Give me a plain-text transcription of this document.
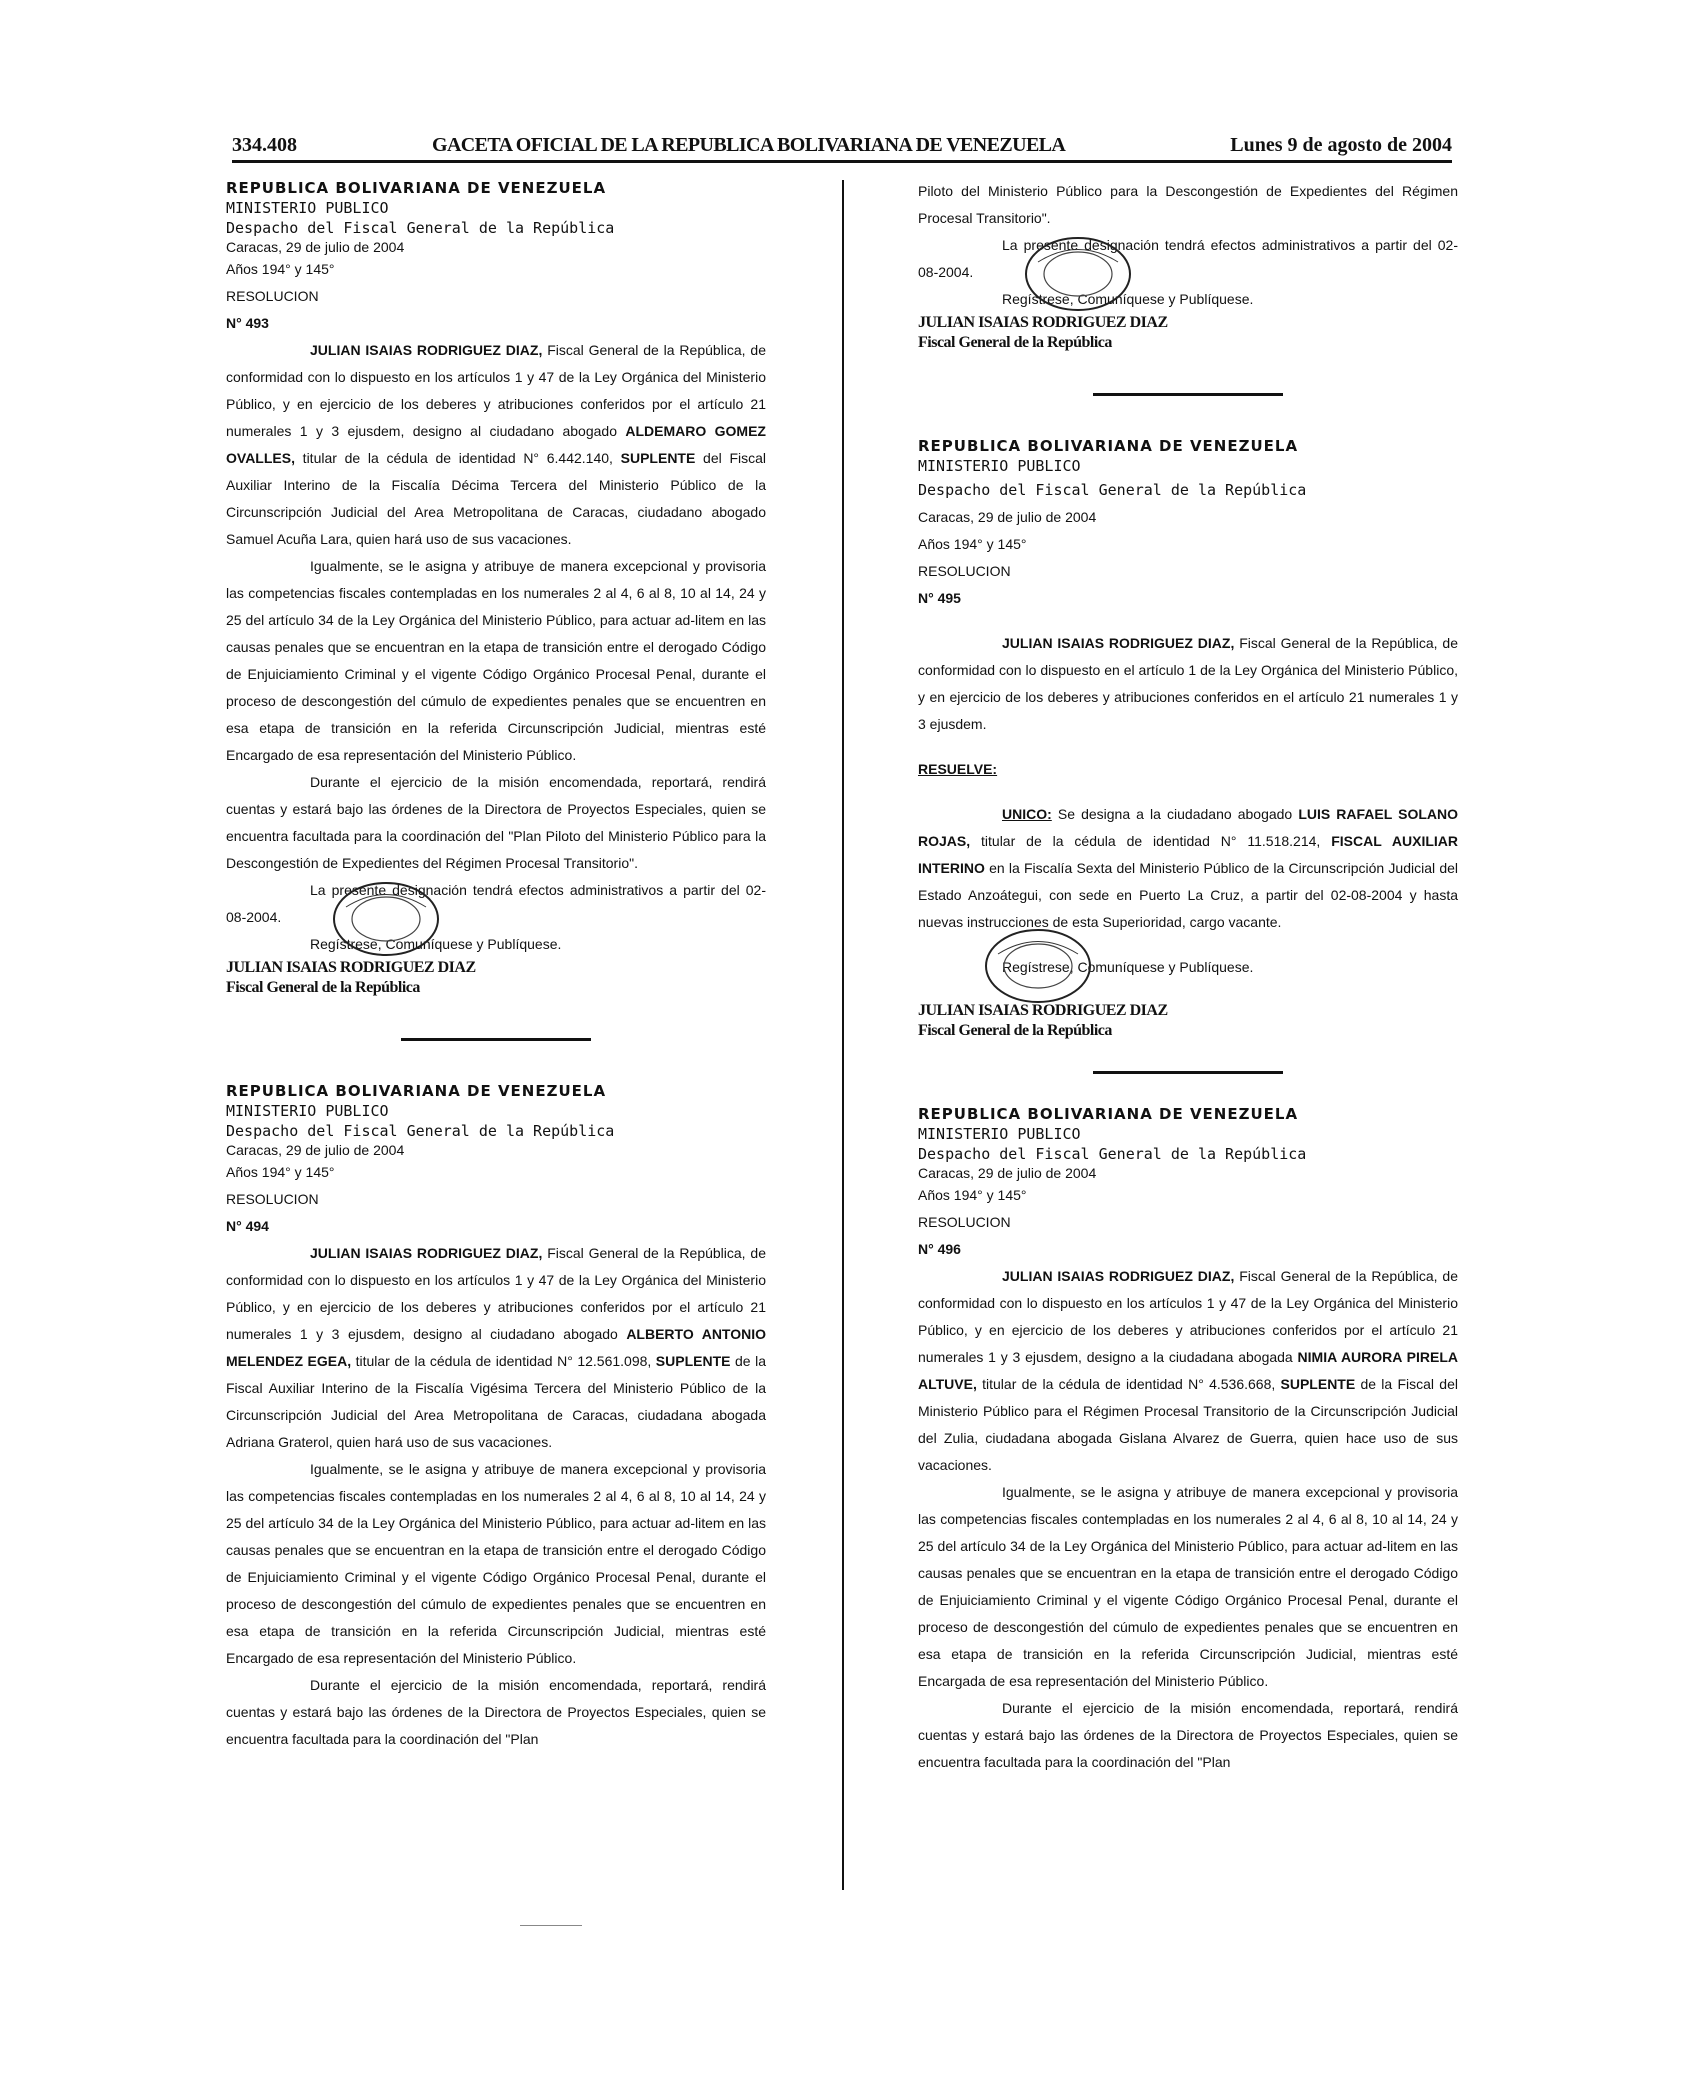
334.408	GACETA OFICIAL DE LA REPUBLICA BOLIVARIANA DE VENEZUELA	Lunes 9 de agosto de 2004

REPUBLICA BOLIVARIANA DE VENEZUELA

MINISTERIO PUBLICO

Despacho del Fiscal General de la República

Caracas, 29 de julio de 2004

Años 194° y 145°

RESOLUCION

N° 493

JULIAN ISAIAS RODRIGUEZ DIAZ, Fiscal General de la República, de conformidad con lo dispuesto en los artículos 1 y 47 de la Ley Orgánica del Ministerio Público, y en ejercicio de los deberes y atribuciones conferidos por el artículo 21 numerales 1 y 3 ejusdem, designo al ciudadano abogado ALDEMARO GOMEZ OVALLES, titular de la cédula de identidad N° 6.442.140, SUPLENTE del Fiscal Auxiliar Interino de la Fiscalía Décima Tercera del Ministerio Público de la Circunscripción Judicial del Area Metropolitana de Caracas, ciudadano abogado Samuel Acuña Lara, quien hará uso de sus vacaciones.

Igualmente, se le asigna y atribuye de manera excepcional y provisoria las competencias fiscales contempladas en los numerales 2 al 4, 6 al 8, 10 al 14, 24 y 25 del artículo 34 de la Ley Orgánica del Ministerio Público, para actuar ad-litem en las causas penales que se encuentran en la etapa de transición entre el derogado Código de Enjuiciamiento Criminal y el vigente Código Orgánico Procesal Penal, durante el proceso de descongestión del cúmulo de expedientes penales que se encuentren en esa etapa de transición en la referida Circunscripción Judicial, mientras esté Encargado de esa representación del Ministerio Público.

Durante el ejercicio de la misión encomendada, reportará, rendirá cuentas y estará bajo las órdenes de la Directora de Proyectos Especiales, quien se encuentra facultada para la coordinación del "Plan Piloto del Ministerio Público para la Descongestión de Expedientes del Régimen Procesal Transitorio".

La presente designación tendrá efectos administrativos a partir del 02-08-2004.

Regístrese, Comuníquese y Publíquese.

JULIAN ISAIAS RODRIGUEZ DIAZ

Fiscal General de la República

REPUBLICA BOLIVARIANA DE VENEZUELA

MINISTERIO PUBLICO

Despacho del Fiscal General de la República

Caracas, 29 de julio de 2004

Años 194° y 145°

RESOLUCION

N° 494

JULIAN ISAIAS RODRIGUEZ DIAZ, Fiscal General de la República, de conformidad con lo dispuesto en los artículos 1 y 47 de la Ley Orgánica del Ministerio Público, y en ejercicio de los deberes y atribuciones conferidos por el artículo 21 numerales 1 y 3 ejusdem, designo al ciudadano abogado ALBERTO ANTONIO MELENDEZ EGEA, titular de la cédula de identidad N° 12.561.098, SUPLENTE de la Fiscal Auxiliar Interino de la Fiscalía Vigésima Tercera del Ministerio Público de la Circunscripción Judicial del Area Metropolitana de Caracas, ciudadana abogada Adriana Graterol, quien hará uso de sus vacaciones.

Igualmente, se le asigna y atribuye de manera excepcional y provisoria las competencias fiscales contempladas en los numerales 2 al 4, 6 al 8, 10 al 14, 24 y 25 del artículo 34 de la Ley Orgánica del Ministerio Público, para actuar ad-litem en las causas penales que se encuentran en la etapa de transición entre el derogado Código de Enjuiciamiento Criminal y el vigente Código Orgánico Procesal Penal, durante el proceso de descongestión del cúmulo de expedientes penales que se encuentren en esa etapa de transición en la referida Circunscripción Judicial, mientras esté Encargado de esa representación del Ministerio Público.

Durante el ejercicio de la misión encomendada, reportará, rendirá cuentas y estará bajo las órdenes de la Directora de Proyectos Especiales, quien se encuentra facultada para la coordinación del "Plan

Piloto del Ministerio Público para la Descongestión de Expedientes del Régimen Procesal Transitorio".

La presente designación tendrá efectos administrativos a partir del 02-08-2004.

Regístrese, Comuníquese y Publíquese.

JULIAN ISAIAS RODRIGUEZ DIAZ

Fiscal General de la República

REPUBLICA BOLIVARIANA DE VENEZUELA

MINISTERIO PUBLICO

Despacho del Fiscal General de la República

Caracas, 29 de julio de 2004

Años 194° y 145°

RESOLUCION

N° 495

JULIAN ISAIAS RODRIGUEZ DIAZ, Fiscal General de la República, de conformidad con lo dispuesto en el artículo 1 de la Ley Orgánica del Ministerio Público, y en ejercicio de los deberes y atribuciones conferidos en el artículo 21 numerales 1 y 3 ejusdem.

RESUELVE:

UNICO: Se designa a la ciudadano abogado LUIS RAFAEL SOLANO ROJAS, titular de la cédula de identidad N° 11.518.214, FISCAL AUXILIAR INTERINO en la Fiscalía Sexta del Ministerio Público de la Circunscripción Judicial del Estado Anzoátegui, con sede en Puerto La Cruz, a partir del 02-08-2004 y hasta nuevas instrucciones de esta Superioridad, cargo vacante.

Regístrese, Comuníquese y Publíquese.

JULIAN ISAIAS RODRIGUEZ DIAZ

Fiscal General de la República

REPUBLICA BOLIVARIANA DE VENEZUELA

MINISTERIO PUBLICO

Despacho del Fiscal General de la República

Caracas, 29 de julio de 2004

Años 194° y 145°

RESOLUCION

N° 496

JULIAN ISAIAS RODRIGUEZ DIAZ, Fiscal General de la República, de conformidad con lo dispuesto en los artículos 1 y 47 de la Ley Orgánica del Ministerio Público, y en ejercicio de los deberes y atribuciones conferidos por el artículo 21 numerales 1 y 3 ejusdem, designo a la ciudadana abogada NIMIA AURORA PIRELA ALTUVE, titular de la cédula de identidad N° 4.536.668, SUPLENTE de la Fiscal del Ministerio Público para el Régimen Procesal Transitorio de la Circunscripción Judicial del Zulia, ciudadana abogada Gislana Alvarez de Guerra, quien hace uso de sus vacaciones.

Igualmente, se le asigna y atribuye de manera excepcional y provisoria las competencias fiscales contempladas en los numerales 2 al 4, 6 al 8, 10 al 14, 24 y 25 del artículo 34 de la Ley Orgánica del Ministerio Público, para actuar ad-litem en las causas penales que se encuentran en la etapa de transición entre el derogado Código de Enjuiciamiento Criminal y el vigente Código Orgánico Procesal Penal, durante el proceso de descongestión del cúmulo de expedientes penales que se encuentren en esa etapa de transición en la referida Circunscripción Judicial, mientras esté Encargada de esa representación del Ministerio Público.

Durante el ejercicio de la misión encomendada, reportará, rendirá cuentas y estará bajo las órdenes de la Directora de Proyectos Especiales, quien se encuentra facultada para la coordinación del "Plan
